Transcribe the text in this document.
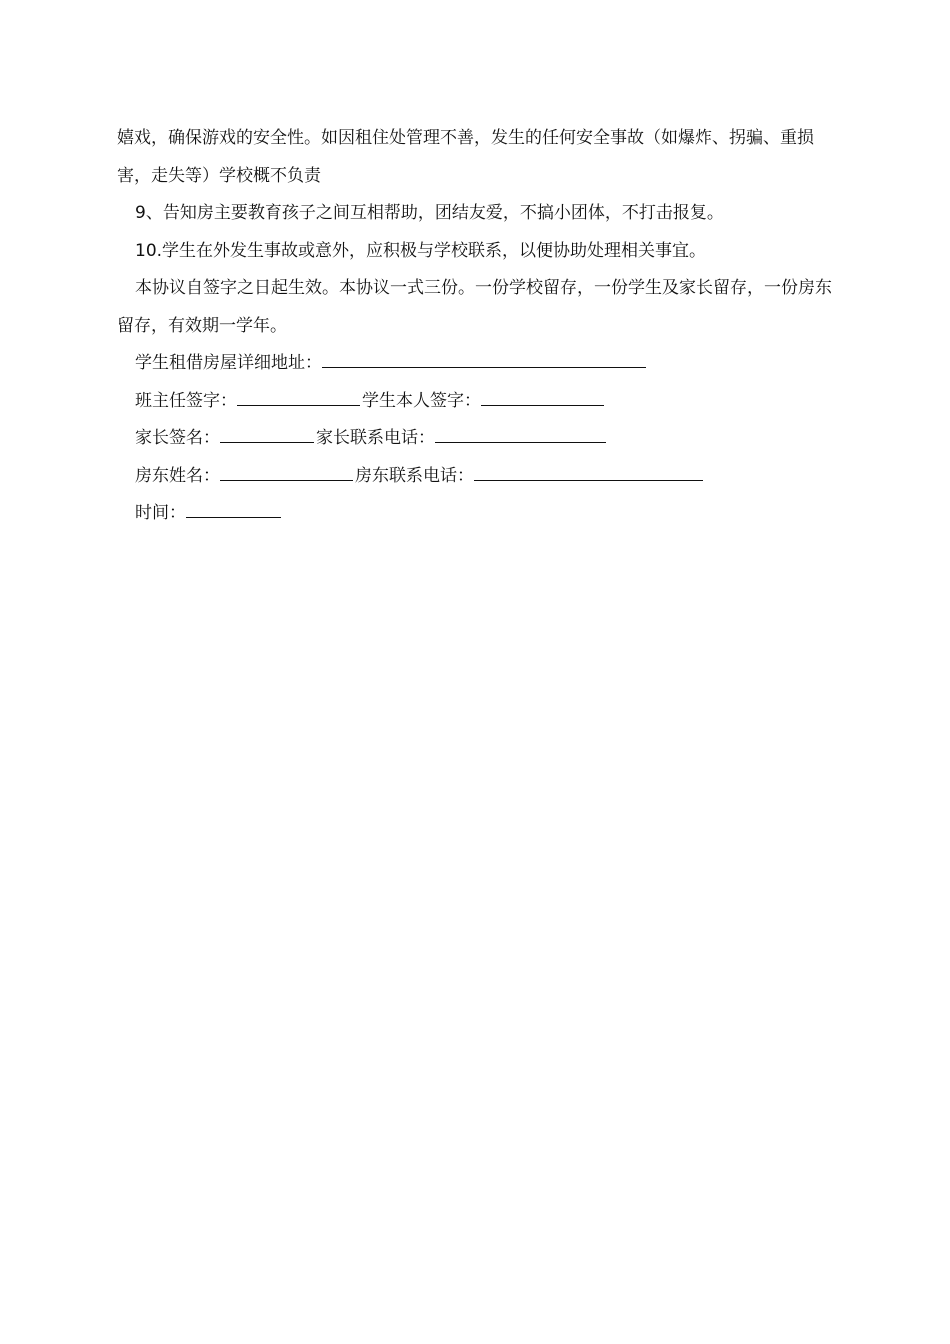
嬉戏，确保游戏的安全性。如因租住处管理不善，发生的任何安全事故（如爆炸、拐骗、重损害，走失等）学校概不负责

9、告知房主要教育孩子之间互相帮助，团结友爱，不搞小团体，不打击报复。

10.学生在外发生事故或意外，应积极与学校联系，以便协助处理相关事宜。

本协议自签字之日起生效。本协议一式三份。一份学校留存，一份学生及家长留存，一份房东留存，有效期一学年。

学生租借房屋详细地址：
班主任签字：	学生本人签字：
家长签名：	家长联系电话：
房东姓名：	房东联系电话：
时间：
